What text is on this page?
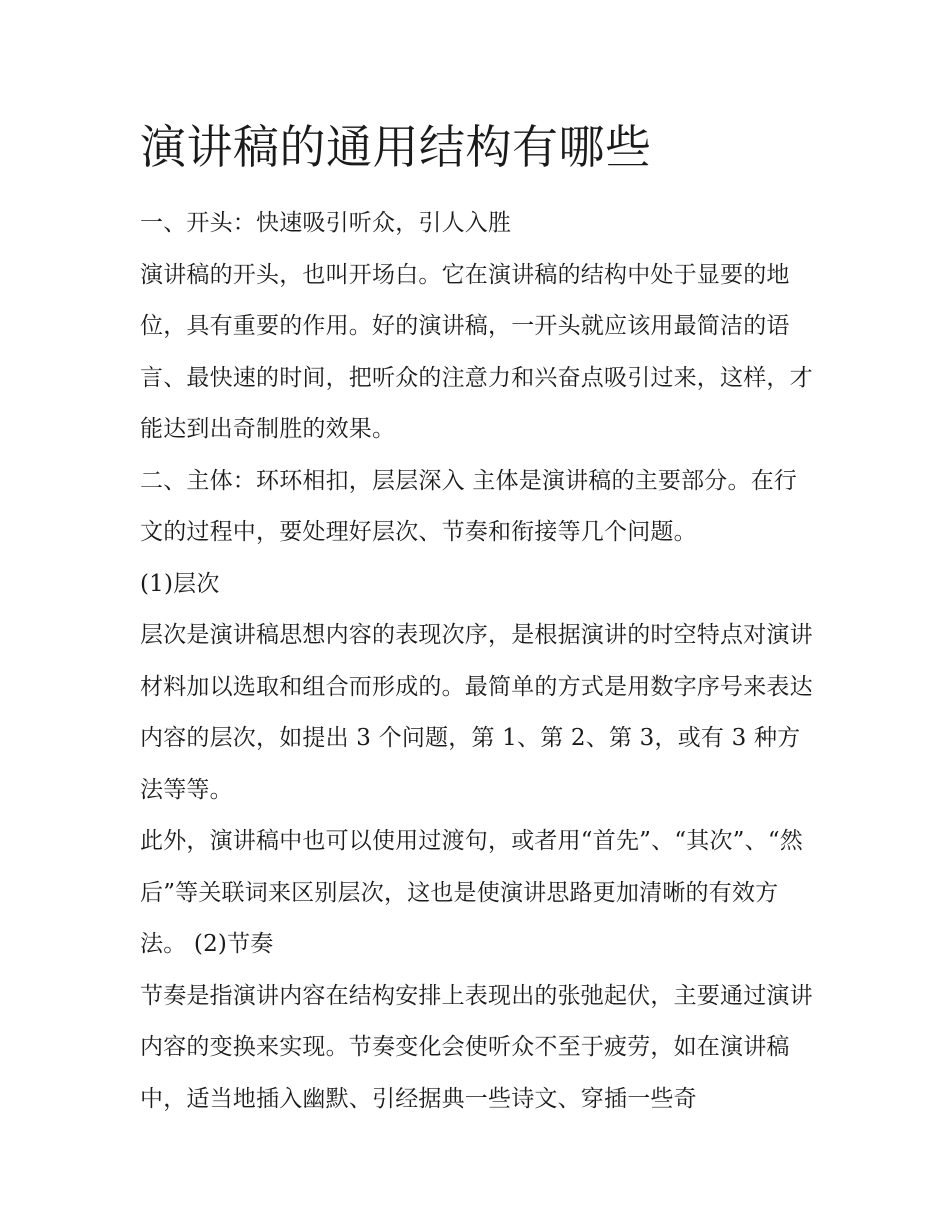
演讲稿的通用结构有哪些

一、开头：快速吸引听众，引人入胜

演讲稿的开头，也叫开场白。它在演讲稿的结构中处于显要的地位，具有重要的作用。好的演讲稿，一开头就应该用最简洁的语言、最快速的时间，把听众的注意力和兴奋点吸引过来，这样，才能达到出奇制胜的效果。

二、主体：环环相扣，层层深入 主体是演讲稿的主要部分。在行文的过程中，要处理好层次、节奏和衔接等几个问题。

(1)层次

层次是演讲稿思想内容的表现次序，是根据演讲的时空特点对演讲材料加以选取和组合而形成的。最简单的方式是用数字序号来表达内容的层次，如提出 3 个问题，第 1、第 2、第 3，或有 3 种方法等等。

此外，演讲稿中也可以使用过渡句，或者用“首先”、“其次”、“然后”等关联词来区别层次，这也是使演讲思路更加清晰的有效方法。 (2)节奏

节奏是指演讲内容在结构安排上表现出的张弛起伏，主要通过演讲内容的变换来实现。节奏变化会使听众不至于疲劳，如在演讲稿中，适当地插入幽默、引经据典一些诗文、穿插一些奇
